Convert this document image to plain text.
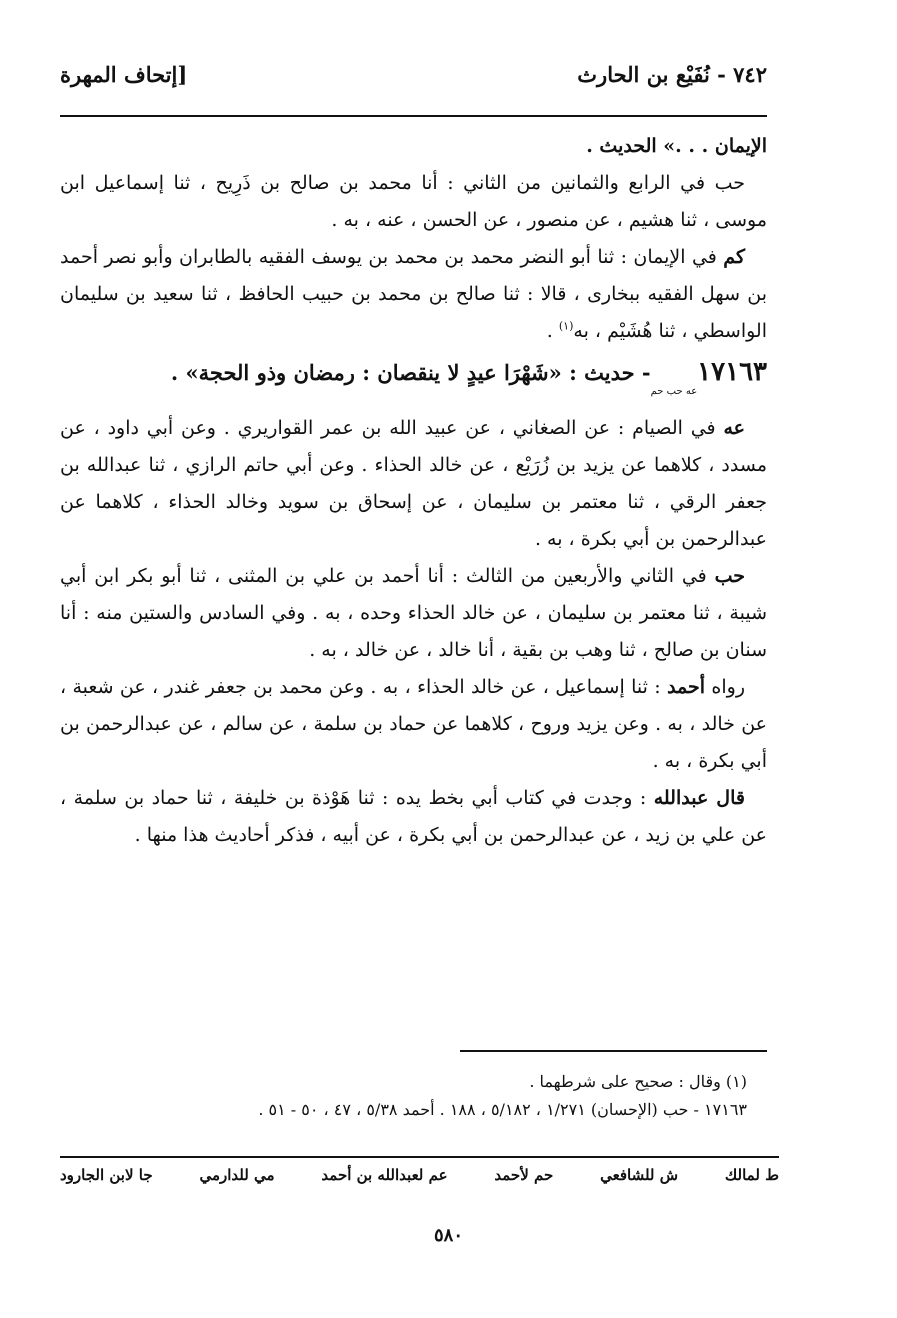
٧٤٢ - نُفَيْع بن الحارث
[إتحاف المهرة

الإيمان . . .» الحديث .

حب في الرابع والثمانين من الثاني : أنا محمد بن صالح بن ذَرِيح ، ثنا إسماعيل ابن موسى ، ثنا هشيم ، عن منصور ، عن الحسن ، عنه ، به .

كم في الإيمان : ثنا أبو النضر محمد بن محمد بن يوسف الفقيه بالطابران وأبو نصر أحمد بن سهل الفقيه ببخارى ، قالا : ثنا صالح بن محمد بن حبيب الحافظ ، ثنا سعيد بن سليمان الواسطي ، ثنا هُشَيْم ، به$^{(١)}$ .

$١٧١٦٣_{عه حب حم}-$ حديث : «شَهْرَا عيدٍ لا ينقصان : رمضان وذو الحجة» .

عه في الصيام : عن الصغاني ، عن عبيد الله بن عمر القواريري . وعن أبي داود ، عن مسدد ، كلاهما عن يزيد بن زُرَيْع ، عن خالد الحذاء . وعن أبي حاتم الرازي ، ثنا عبدالله بن جعفر الرقي ، ثنا معتمر بن سليمان ، عن إسحاق بن سويد وخالد الحذاء ، كلاهما عن عبدالرحمن بن أبي بكرة ، به .

حب في الثاني والأربعين من الثالث : أنا أحمد بن علي بن المثنى ، ثنا أبو بكر ابن أبي شيبة ، ثنا معتمر بن سليمان ، عن خالد الحذاء وحده ، به . وفي السادس والستين منه : أنا سنان بن صالح ، ثنا وهب بن بقية ، أنا خالد ، عن خالد ، به .

رواه أحمد : ثنا إسماعيل ، عن خالد الحذاء ، به . وعن محمد بن جعفر غندر ، عن شعبة ، عن خالد ، به . وعن يزيد وروح ، كلاهما عن حماد بن سلمة ، عن سالم ، عن عبدالرحمن بن أبي بكرة ، به .

قال عبدالله : وجدت في كتاب أبي بخط يده : ثنا هَوْذة بن خليفة ، ثنا حماد بن سلمة ، عن علي بن زيد ، عن عبدالرحمن بن أبي بكرة ، عن أبيه ، فذكر أحاديث هذا منها .

(١) وقال : صحيح على شرطهما .

١٧١٦٣ - حب (الإحسان) ١/٢٧١ ، ٥/١٨٢ ، ١٨٨ . أحمد ٥/٣٨ ، ٤٧ ، ٥٠ - ٥١ .

ط لمالك
ش للشافعي
حم لأحمد
عم لعبدالله بن أحمد
مي للدارمي
جا لابن الجارود
٥٨٠
